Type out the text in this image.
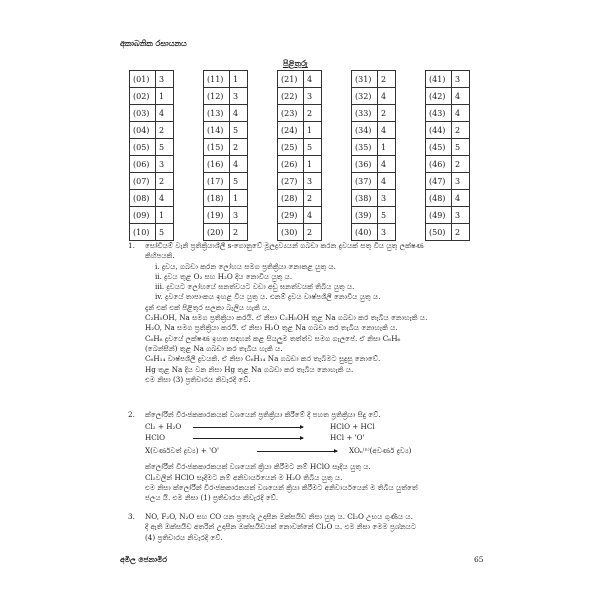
අකාබනික රසායනය
පිළිතුරු
(01)	3
(02)	1
(03)	4
(04)	2
(05)	5
(06)	3
(07)	2
(08)	4
(09)	1
(10)	5
(11)	1
(12)	3
(13)	4
(14)	5
(15)	2
(16)	4
(17)	5
(18)	1
(19)	3
(20)	2
(21)	4
(22)	3
(23)	2
(24)	1
(25)	5
(26)	1
(27)	3
(28)	2
(29)	4
(30)	2
(31)	2
(32)	4
(33)	2
(34)	4
(35)	1
(36)	4
(37)	4
(38)	3
(39)	5
(40)	3
(41)	3
(42)	4
(43)	4
(44)	2
(45)	5
(46)	2
(47)	3
(48)	4
(49)	3
(50)	2
1. සෝඩියම් වැනි ප්‍රතික්‍රියාශීලී s-ගොනුවේ මූලද්‍රව්‍යයන් ගබඩා කරන ද්‍රවයක් සතු විය යුතු ලක්ෂණ
කිහිපයකි.
i. ද්‍රවය, ගබඩා කරන ලෝහය සමග ප්‍රතික්‍රියා නොකළ යුතු ය.
ii. ද්‍රවය තුළ O₂ සහ H₂O දිය නොවිය යුතු ය.
iii. ද්‍රවයට ලෝහයේ ඝනත්වයට වඩා අඩු ඝනත්වයක් තිබිය යුතු ය.
iv. ද්‍රවයේ තාපාංකය ඉහළ විය යුතු ය. එනම් ද්‍රවය වාෂ්පශීලී නොවිය යුතු ය.
දැන් එක් එක් පිළිතුර සලකා බැලිය හැකි ය.
C₂H₅OH, Na සමග ප්‍රතික්‍රියා කරයි. ඒ නිසා C₂H₅OH තුළ Na ගබඩා කර තැබිය නොහැකි ය.
H₂O, Na සමග ප්‍රතික්‍රියා කරයි. ඒ නිසා H₂O තුළ Na ගබඩා කර තැබිය නොහැකි ය.
C₆H₆ ද්‍රවයේ ලක්ෂණ ඉහත සඳහන් කළ සියලුම තත්ත්ව සමග ගැලපේ. ඒ නිසා C₆H₆
(බෙන්සීන්) තුළ Na ගබඩා කර තැබිය හැකි ය.
C₆H₁₄ වාෂ්පශීලී ද්‍රවයකි. ඒ නිසා C₆H₁₄ Na ගබඩා කර තැබීමට සුදුසු නොවේ.
Hg තුළ Na දිය වන නිසා Hg තුළ Na ගබඩා කර තැබිය නොහැකි ය.
එම නිසා (3) ප්‍රතිචාරය නිවැරදි වේ.
2. ක්ලෝරීන් විරංජකකාරකයක් වශයෙන් ප්‍රතික්‍රියා කිරීමේ දී පහත ප්‍රතික්‍රියා සිදු වේ.
Cl₂ + H₂O	HClO + HCl
HClO	HCl + 'O'
X(වර්ණවත් ද්‍රව්‍ය) + 'O'	XOₙ⁽ⁿ⁾(අවර්ණ ද්‍රව්‍ය)
ක්ලෝරීන් විරංජකකාරකයක් වශයෙන් ක්‍රියා කිරීමට නම් HClO සෑදිය යුතු ය.
Cl₂වලින් HClO සෑදීමට නම් අනිවාර්යයෙන් ම H₂O තිබිය යුතු ය.
එම නිසා ක්ලෝරීන් විරංජකකාරකයක් වශයෙන් ක්‍රියා කිරීමට අනිවාර්යයෙන් ම තිබිය යුත්තේ
ජලය යි. එම නිසා (1) ප්‍රතිචාරය නිවැරදි වේ.
3. NO, F₂O, N₂O සහ CO යන ප්‍රභේද උදාසීන ඔක්සයිඩ නිසා යුතු ය. Cl₂O උභය ගුණීය ය.
දී ඇති ඔක්සයිඩ අතරින් උදාසීන ඔක්සයිඩයක් නොවන්නේ Cl₂O ය. එම නිසා මෙම ප්‍රශ්නයට
(4) ප්‍රතිචාරය නිවැරදි වේ.
අමිල ජෙනාමිර	65
